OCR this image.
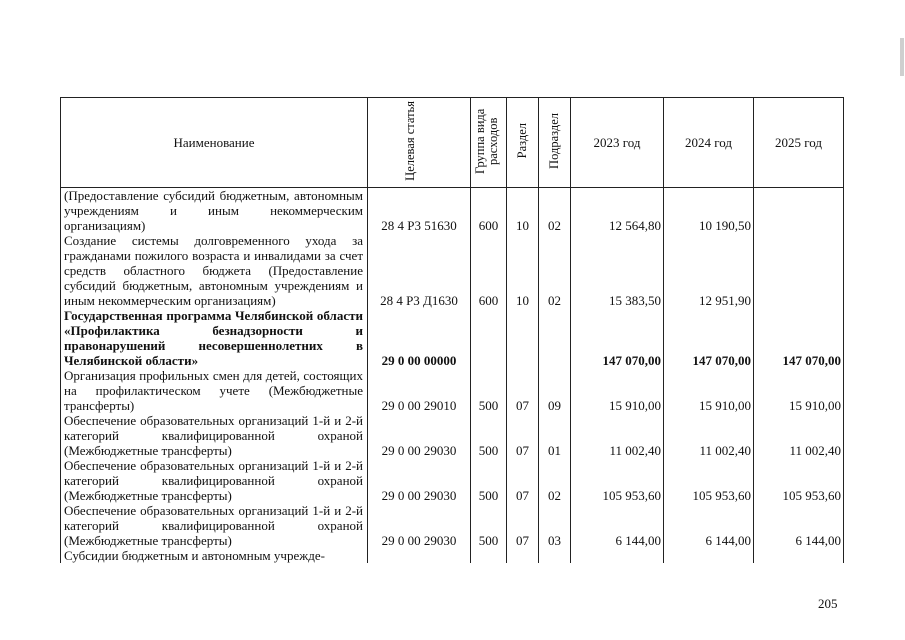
Наименование	Целевая статья	Группа вида расходов	Раздел	Подраздел	2023 год	2024 год	2025 год
(Предоставление субсидий бюджетным, автономным учреждениям и иным некоммерческим организациям)	28 4 Р3 51630	600	10	02	12 564,80	10 190,50	
Создание системы долговременного ухода за гражданами пожилого возраста и инвалидами за счет средств областного бюджета (Предоставление субсидий бюджетным, автономным учреждениям и иным некоммерческим организациям)	28 4 Р3 Д1630	600	10	02	15 383,50	12 951,90	
Государственная программа Челябинской области «Профилактика безнадзорности и правонарушений несовершеннолетних в Челябинской области»	29 0 00 00000				147 070,00	147 070,00	147 070,00
Организация профильных смен для детей, состоящих на профилактическом учете (Межбюджетные трансферты)	29 0 00 29010	500	07	09	15 910,00	15 910,00	15 910,00
Обеспечение образовательных организаций 1-й и 2-й категорий квалифицированной охраной (Межбюджетные трансферты)	29 0 00 29030	500	07	01	11 002,40	11 002,40	11 002,40
Обеспечение образовательных организаций 1-й и 2-й категорий квалифицированной охраной (Межбюджетные трансферты)	29 0 00 29030	500	07	02	105 953,60	105 953,60	105 953,60
Обеспечение образовательных организаций 1-й и 2-й категорий квалифицированной охраной (Межбюджетные трансферты)	29 0 00 29030	500	07	03	6 144,00	6 144,00	6 144,00
Субсидии бюджетным и автономным учрежде-							
205
